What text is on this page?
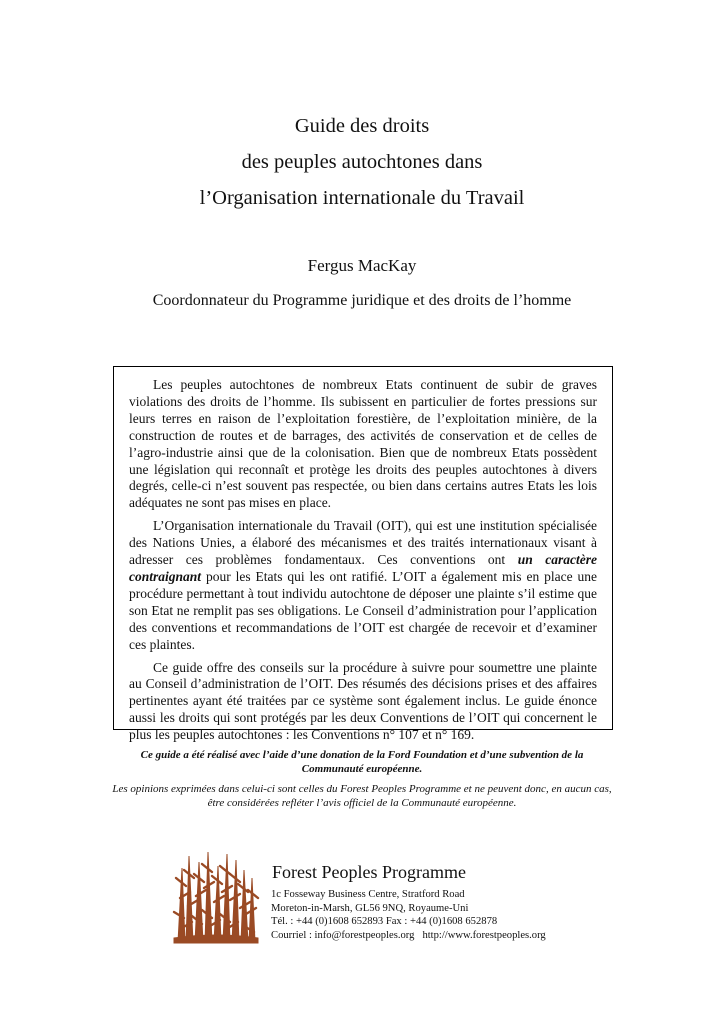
Guide des droits
des peuples autochtones dans
l’Organisation internationale du Travail
Fergus MacKay
Coordonnateur du Programme juridique et des droits de l’homme

Les peuples autochtones de nombreux Etats continuent de subir de graves violations des droits de l’homme. Ils subissent en particulier de fortes pressions sur leurs terres en raison de l’exploitation forestière, de l’exploitation minière, de la construction de routes et de barrages, des activités de conservation et de celles de l’agro-industrie ainsi que de la colonisation. Bien que de nombreux Etats possèdent une législation qui reconnaît et protège les droits des peuples autochtones à divers degrés, celle-ci n’est souvent pas respectée, ou bien dans certains autres Etats les lois adéquates ne sont pas mises en place.

L’Organisation internationale du Travail (OIT), qui est une institution spécialisée des Nations Unies, a élaboré des mécanismes et des traités internationaux visant à adresser ces problèmes fondamentaux. Ces conventions ont un caractère contraignant pour les Etats qui les ont ratifié. L’OIT a également mis en place une procédure permettant à tout individu autochtone de déposer une plainte s’il estime que son Etat ne remplit pas ses obligations. Le Conseil d’administration pour l’application des conventions et recommandations de l’OIT est chargée de recevoir et d’examiner ces plaintes.

Ce guide offre des conseils sur la procédure à suivre pour soumettre une plainte au Conseil d’administration de l’OIT. Des résumés des décisions prises et des affaires pertinentes ayant été traitées par ce système sont également inclus. Le guide énonce aussi les droits qui sont protégés par les deux Conventions de l’OIT qui concernent le plus les peuples autochtones : les Conventions n° 107 et n° 169.

Ce guide a été réalisé avec l’aide d’une donation de la Ford Foundation et d’une subvention de la Communauté européenne.
Les opinions exprimées dans celui-ci sont celles du Forest Peoples Programme et ne peuvent donc, en aucun cas, être considérées refléter l’avis officiel de la Communauté européenne.
Forest Peoples Programme
1c Fosseway Business Centre, Stratford Road
Moreton-in-Marsh, GL56 9NQ, Royaume-Uni
Tél. : +44 (0)1608 652893 Fax : +44 (0)1608 652878
Courriel : info@forestpeoples.org http://www.forestpeoples.org
